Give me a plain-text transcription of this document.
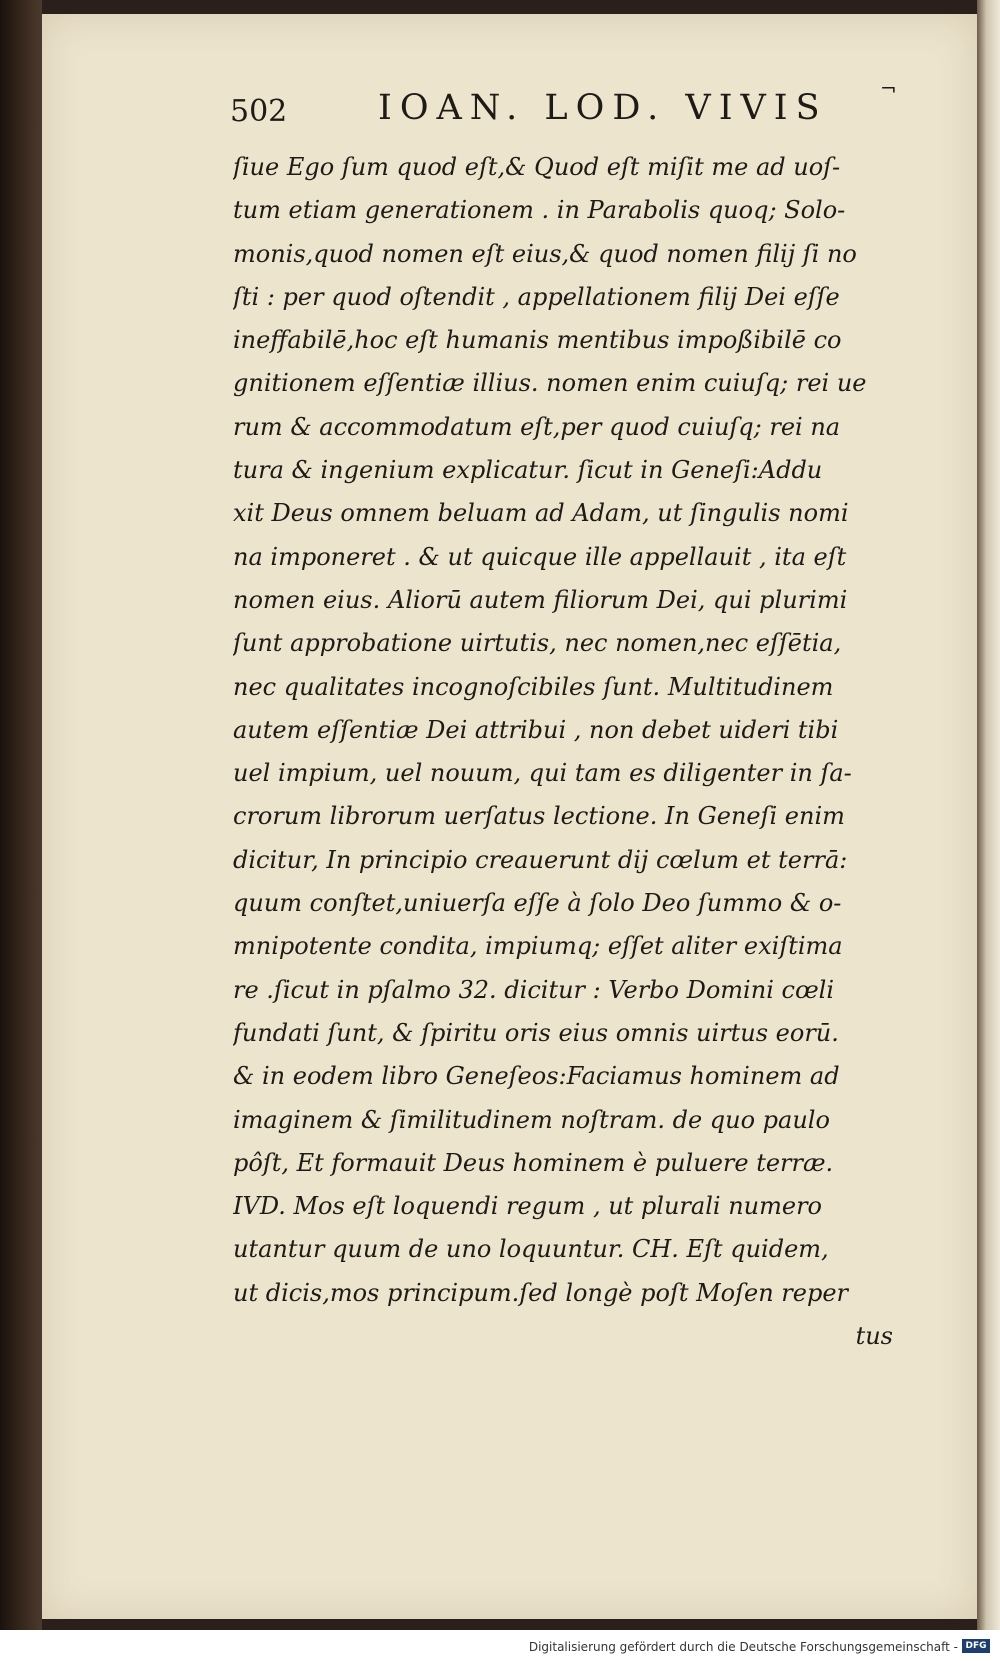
502	IOAN. LOD. VIVIS	¬
ſiue Ego ſum quod eſt,& Quod eſt miſit me ad uoſ-
tum etiam generationem . in Parabolis quoq; Solo-
monis,quod nomen eſt eius,& quod nomen filij ſi no
ſti : per quod oſtendit , appellationem filij Dei eſſe
ineffabilē,hoc eſt humanis mentibus impoßibilē co
gnitionem eſſentiæ illius. nomen enim cuiuſq; rei ue
rum & accommodatum eſt,per quod cuiuſq; rei na
tura & ingenium explicatur. ſicut in Geneſi:Addu
xit Deus omnem beluam ad Adam, ut ſingulis nomi
na imponeret . & ut quicque ille appellauit , ita eſt
nomen eius. Aliorū autem filiorum Dei, qui plurimi
ſunt approbatione uirtutis, nec nomen,nec eſſētia,
nec qualitates incognoſcibiles ſunt. Multitudinem
autem eſſentiæ Dei attribui , non debet uideri tibi
uel impium, uel nouum, qui tam es diligenter in ſa-
crorum librorum uerſatus lectione. In Geneſi enim
dicitur, In principio creauerunt dij cœlum et terrā:
quum conſtet,uniuerſa eſſe à ſolo Deo ſummo & o-
mnipotente condita, impiumq; eſſet aliter exiſtima
re .ſicut in pſalmo 32. dicitur : Verbo Domini cœli
fundati ſunt, & ſpiritu oris eius omnis uirtus eorū.
& in eodem libro Geneſeos:Faciamus hominem ad
imaginem & ſimilitudinem noſtram. de quo paulo
pôſt, Et formauit Deus hominem è puluere terræ.
IVD. Mos eſt loquendi regum , ut plurali numero
utantur quum de uno loquuntur. CH. Eſt quidem,
ut dicis,mos principum.ſed longè poſt Moſen reper
tus
Digitalisierung gefördert durch die Deutsche Forschungsgemeinschaft - DFG
